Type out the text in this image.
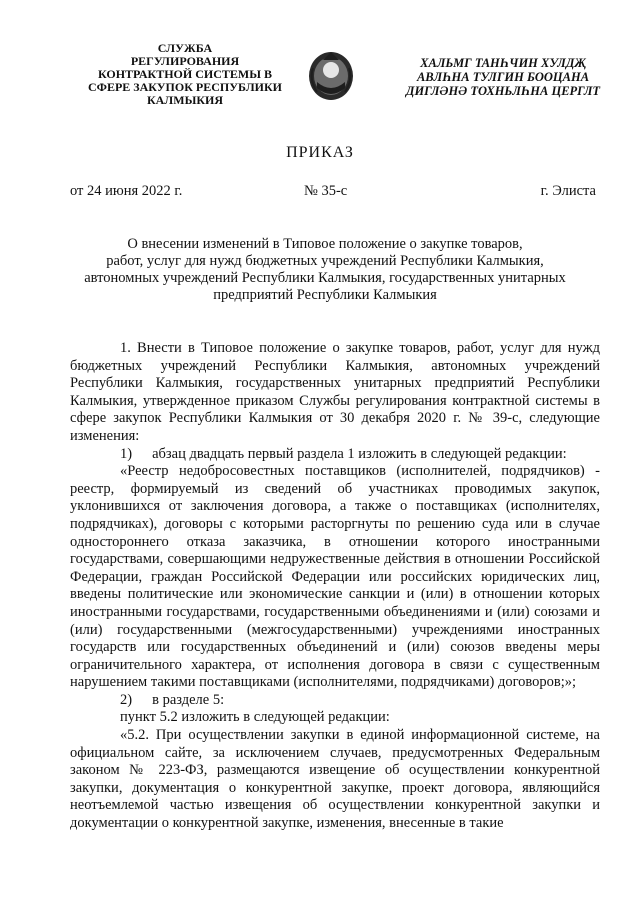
СЛУЖБА
РЕГУЛИРОВАНИЯ
КОНТРАКТНОЙ СИСТЕМЫ В
СФЕРЕ ЗАКУПОК РЕСПУБЛИКИ
КАЛМЫКИЯ
ХАЛЬМГ ТАНҺЧИН ХУЛДҖ
АВЛҺНА ТУЛГИН БООЦАНА
ДИГЛӘНӘ ТОХНЬЛҺНА ЦЕРГЛТ
ПРИКАЗ
от 24 июня 2022 г.	№ 35-с	г. Элиста
О внесении изменений в Типовое положение о закупке товаров,
работ, услуг для нужд бюджетных учреждений Республики Калмыкия,
автономных учреждений Республики Калмыкия, государственных унитарных
предприятий Республики Калмыкия

1. Внести в Типовое положение о закупке товаров, работ, услуг для нужд бюджетных учреждений Республики Калмыкия, автономных учреждений Республики Калмыкия, государственных унитарных предприятий Республики Калмыкия, утвержденное приказом Службы регулирования контрактной системы в сфере закупок Республики Калмыкия от 30 декабря 2020 г. № 39-с, следующие изменения:

1) абзац двадцать первый раздела 1 изложить в следующей редакции:

«Реестр недобросовестных поставщиков (исполнителей, подрядчиков) - реестр, формируемый из сведений об участниках проводимых закупок, уклонившихся от заключения договора, а также о поставщиках (исполнителях, подрядчиках), договоры с которыми расторгнуты по решению суда или в случае одностороннего отказа заказчика, в отношении которого иностранными государствами, совершающими недружественные действия в отношении Российской Федерации, граждан Российской Федерации или российских юридических лиц, введены политические или экономические санкции и (или) в отношении которых иностранными государствами, государственными объединениями и (или) союзами и (или) государственными (межгосударственными) учреждениями иностранных государств или государственных объединений и (или) союзов введены меры ограничительного характера, от исполнения договора в связи с существенным нарушением такими поставщиками (исполнителями, подрядчиками) договоров;»;

2) в разделе 5:

пункт 5.2 изложить в следующей редакции:

«5.2. При осуществлении закупки в единой информационной системе, на официальном сайте, за исключением случаев, предусмотренных Федеральным законом № 223-ФЗ, размещаются извещение об осуществлении конкурентной закупки, документация о конкурентной закупке, проект договора, являющийся неотъемлемой частью извещения об осуществлении конкурентной закупки и документации о конкурентной закупке, изменения, внесенные в такие
